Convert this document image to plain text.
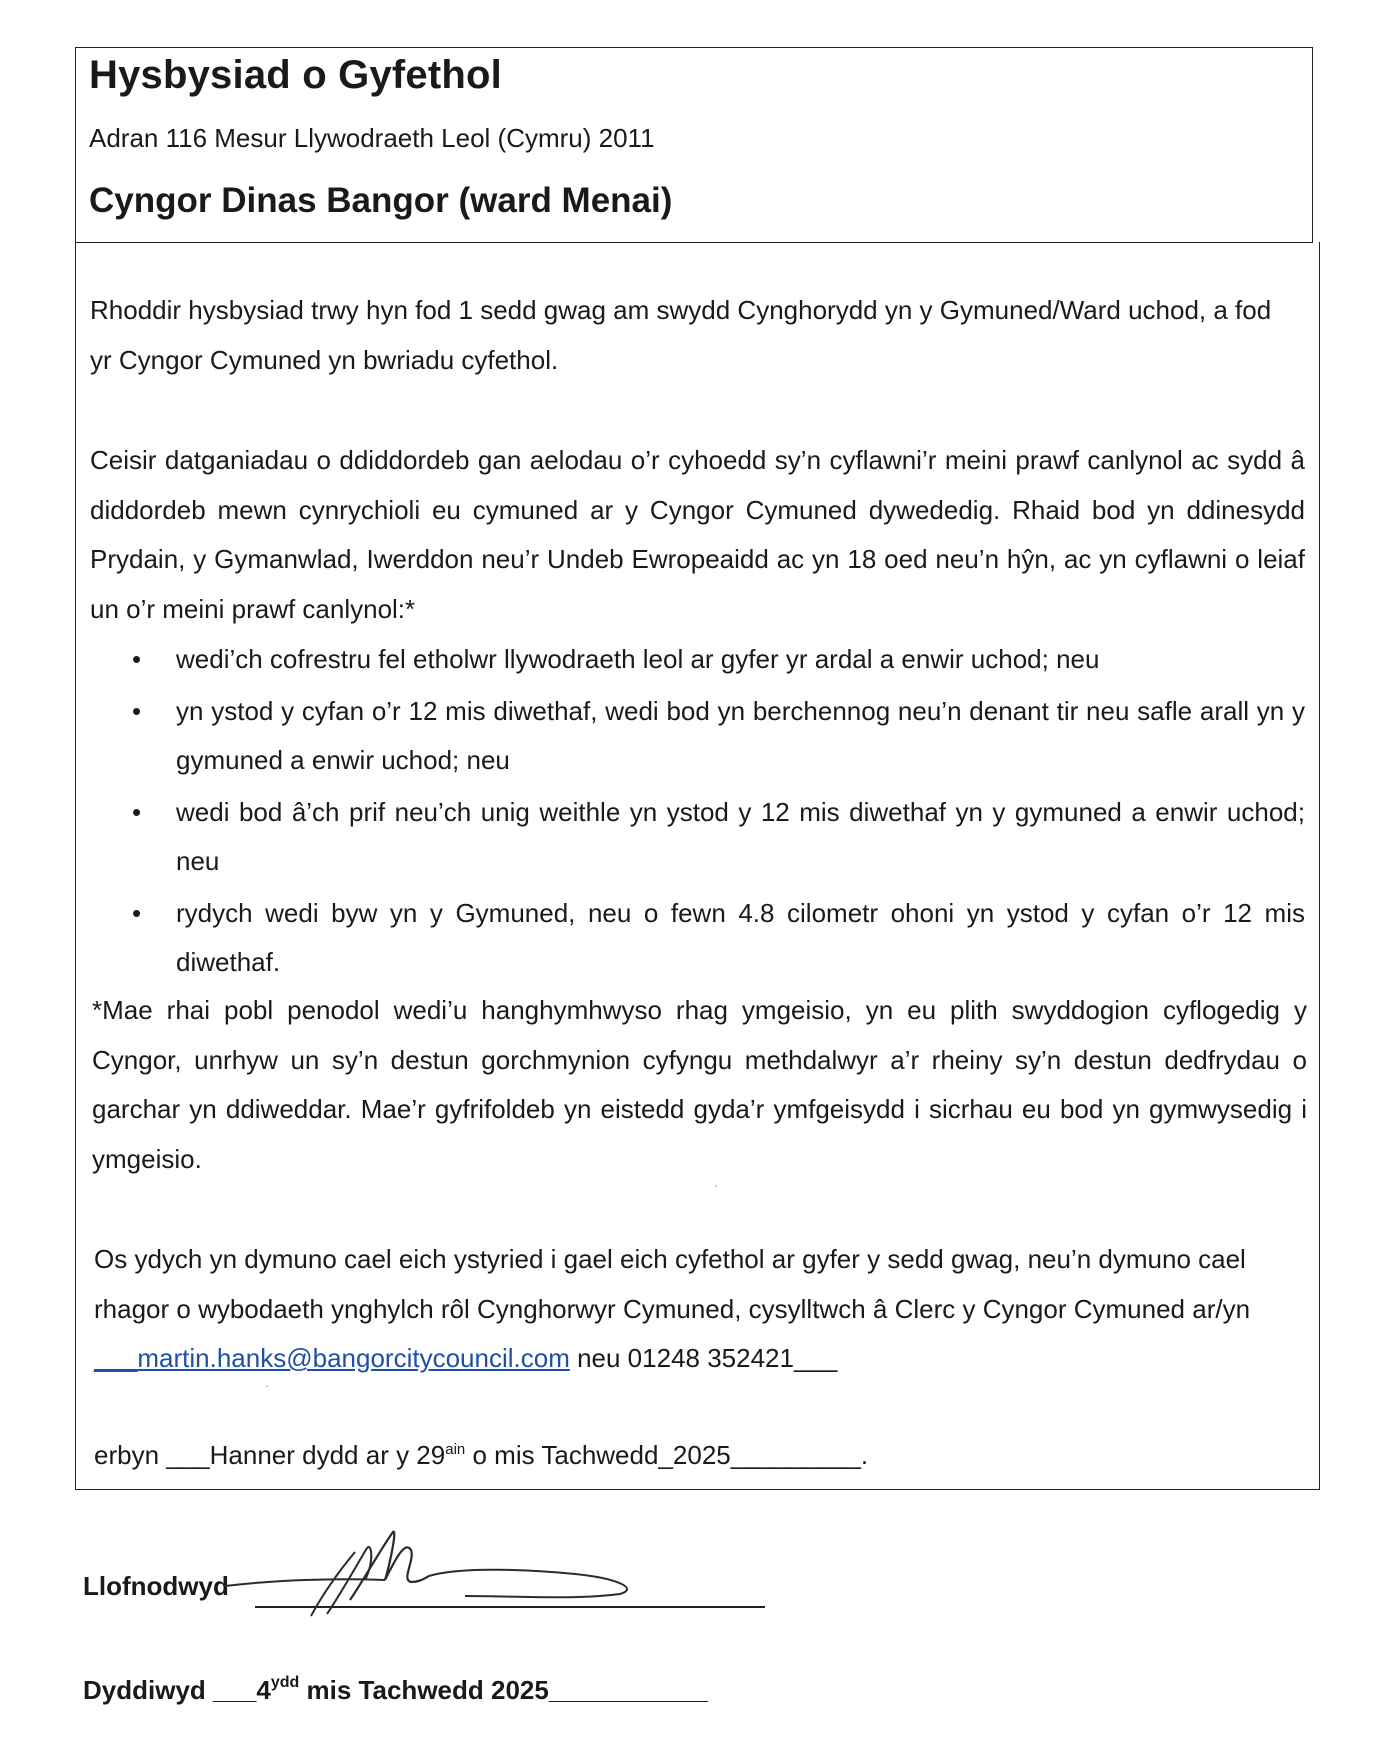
Hysbysiad o Gyfethol
Adran 116 Mesur Llywodraeth Leol (Cymru) 2011
Cyngor Dinas Bangor (ward Menai)
Rhoddir hysbysiad trwy hyn fod 1 sedd gwag am swydd Cynghorydd yn y Gymuned/Ward uchod, a fod yr Cyngor Cymuned yn bwriadu cyfethol.
Ceisir datganiadau o ddiddordeb gan aelodau o’r cyhoedd sy’n cyflawni’r meini prawf canlynol ac sydd â diddordeb mewn cynrychioli eu cymuned ar y Cyngor Cymuned dywededig. Rhaid bod yn ddinesydd Prydain, y Gymanwlad, Iwerddon neu’r Undeb Ewropeaidd ac yn 18 oed neu’n hŷn, ac yn cyflawni o leiaf un o’r meini prawf canlynol:*
• wedi’ch cofrestru fel etholwr llywodraeth leol ar gyfer yr ardal a enwir uchod; neu
• yn ystod y cyfan o’r 12 mis diwethaf, wedi bod yn berchennog neu’n denant tir neu safle arall yn y gymuned a enwir uchod; neu
• wedi bod â’ch prif neu’ch unig weithle yn ystod y 12 mis diwethaf yn y gymuned a enwir uchod; neu
• rydych wedi byw yn y Gymuned, neu o fewn 4.8 cilometr ohoni yn ystod y cyfan o’r 12 mis diwethaf.
*Mae rhai pobl penodol wedi’u hanghymhwyso rhag ymgeisio, yn eu plith swyddogion cyflogedig y Cyngor, unrhyw un sy’n destun gorchmynion cyfyngu methdalwyr a’r rheiny sy’n destun dedfrydau o garchar yn ddiweddar. Mae’r gyfrifoldeb yn eistedd gyda’r ymfgeisydd i sicrhau eu bod yn gymwysedig i ymgeisio.
Os ydych yn dymuno cael eich ystyried i gael eich cyfethol ar gyfer y sedd gwag, neu’n dymuno cael rhagor o wybodaeth ynghylch rôl Cynghorwyr Cymuned, cysylltwch â Clerc y Cyngor Cymuned ar/yn ___martin.hanks@bangorcitycouncil.com neu 01248 352421___
erbyn ___Hanner dydd ar y $29^{ain}$ o mis Tachwedd_2025_________.
Llofnodwyd
Dyddiwyd $\_\_\_4^{ydd}$ mis Tachwedd 2025___________
